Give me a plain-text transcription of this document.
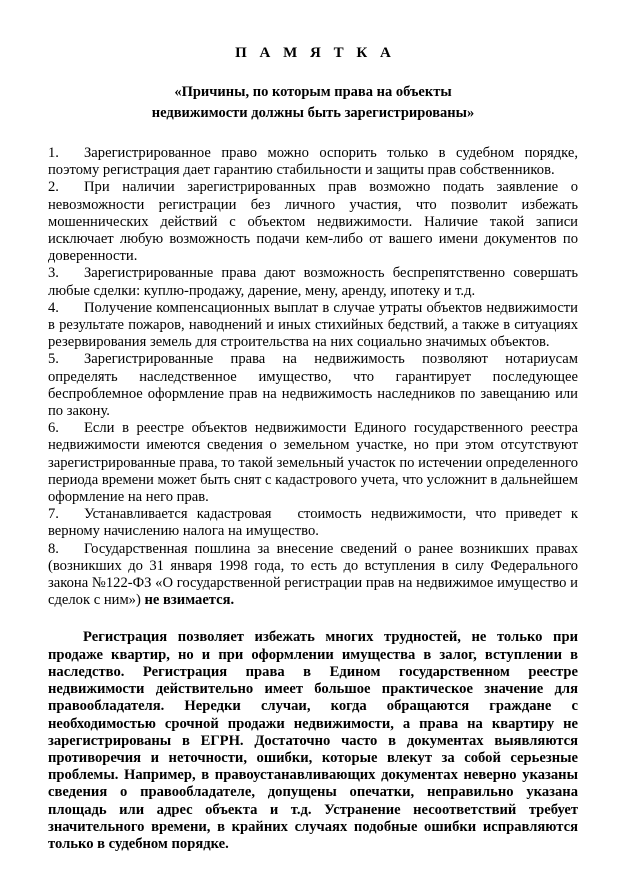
П А М Я Т К А
«Причины, по которым права на объекты
недвижимости должны быть зарегистрированы»

1. Зарегистрированное право можно оспорить только в судебном порядке, поэтому регистрация дает гарантию стабильности и защиты прав собственников.

2. При наличии зарегистрированных прав возможно подать заявление о невозможности регистрации без личного участия, что позволит избежать мошеннических действий с объектом недвижимости. Наличие такой записи исключает любую возможность подачи кем-либо от вашего имени документов по доверенности.

3. Зарегистрированные права дают возможность беспрепятственно совершать любые сделки: куплю-продажу, дарение, мену, аренду, ипотеку и т.д.

4. Получение компенсационных выплат в случае утраты объектов недвижимости в результате пожаров, наводнений и иных стихийных бедствий, а также в ситуациях резервирования земель для строительства на них социально значимых объектов.

5. Зарегистрированные права на недвижимость позволяют нотариусам определять наследственное имущество, что гарантирует последующее беспроблемное оформление прав на недвижимость наследников по завещанию или по закону.

6. Если в реестре объектов недвижимости Единого государственного реестра недвижимости имеются сведения о земельном участке, но при этом отсутствуют зарегистрированные права, то такой земельный участок по истечении определенного периода времени может быть снят с кадастрового учета, что усложнит в дальнейшем оформление на него прав.

7. Устанавливается кадастровая стоимость недвижимости, что приведет к верному начислению налога на имущество.

8. Государственная пошлина за внесение сведений о ранее возникших правах (возникших до 31 января 1998 года, то есть до вступления в силу Федерального закона №122-ФЗ «О государственной регистрации прав на недвижимое имущество и сделок с ним») не взимается.

Регистрация позволяет избежать многих трудностей, не только при продаже квартир, но и при оформлении имущества в залог, вступлении в наследство. Регистрация права в Едином государственном реестре недвижимости действительно имеет большое практическое значение для правообладателя. Нередки случаи, когда обращаются граждане с необходимостью срочной продажи недвижимости, а права на квартиру не зарегистрированы в ЕГРН. Достаточно часто в документах выявляются противоречия и неточности, ошибки, которые влекут за собой серьезные проблемы. Например, в правоустанавливающих документах неверно указаны сведения о правообладателе, допущены опечатки, неправильно указана площадь или адрес объекта и т.д. Устранение несоответствий требует значительного времени, в крайних случаях подобные ошибки исправляются только в судебном порядке.
